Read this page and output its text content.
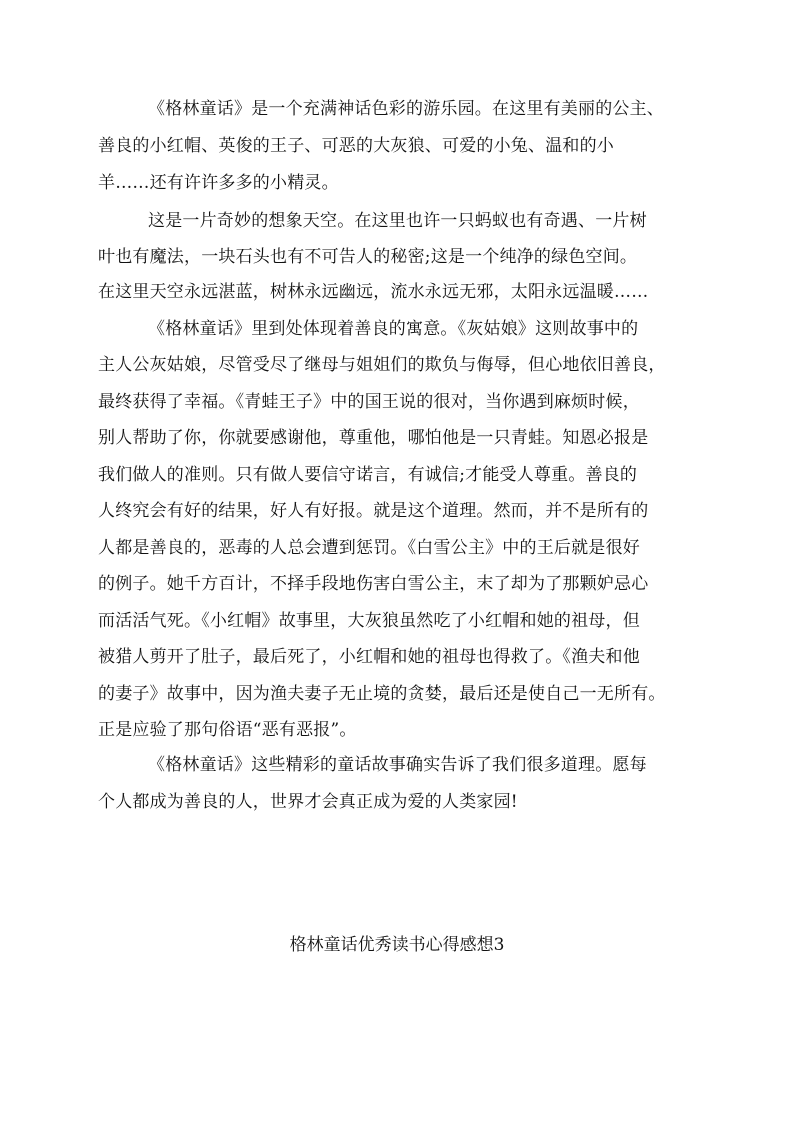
《格林童话》是一个充满神话色彩的游乐园。在这里有美丽的公主、
善良的小红帽、英俊的王子、可恶的大灰狼、可爱的小兔、温和的小
羊……还有许许多多的小精灵。
这是一片奇妙的想象天空。在这里也许一只蚂蚁也有奇遇、一片树
叶也有魔法，一块石头也有不可告人的秘密;这是一个纯净的绿色空间。
在这里天空永远湛蓝，树林永远幽远，流水永远无邪，太阳永远温暖……
《格林童话》里到处体现着善良的寓意。《灰姑娘》这则故事中的
主人公灰姑娘，尽管受尽了继母与姐姐们的欺负与侮辱，但心地依旧善良，
最终获得了幸福。《青蛙王子》中的国王说的很对，当你遇到麻烦时候，
别人帮助了你，你就要感谢他，尊重他，哪怕他是一只青蛙。知恩必报是
我们做人的准则。只有做人要信守诺言，有诚信;才能受人尊重。善良的
人终究会有好的结果，好人有好报。就是这个道理。然而，并不是所有的
人都是善良的，恶毒的人总会遭到惩罚。《白雪公主》中的王后就是很好
的例子。她千方百计，不择手段地伤害白雪公主，末了却为了那颗妒忌心
而活活气死。《小红帽》故事里，大灰狼虽然吃了小红帽和她的祖母，但
被猎人剪开了肚子，最后死了，小红帽和她的祖母也得救了。《渔夫和他
的妻子》故事中，因为渔夫妻子无止境的贪婪，最后还是使自己一无所有。
正是应验了那句俗语“恶有恶报”。
《格林童话》这些精彩的童话故事确实告诉了我们很多道理。愿每
个人都成为善良的人，世界才会真正成为爱的人类家园!
格林童话优秀读书心得感想3
